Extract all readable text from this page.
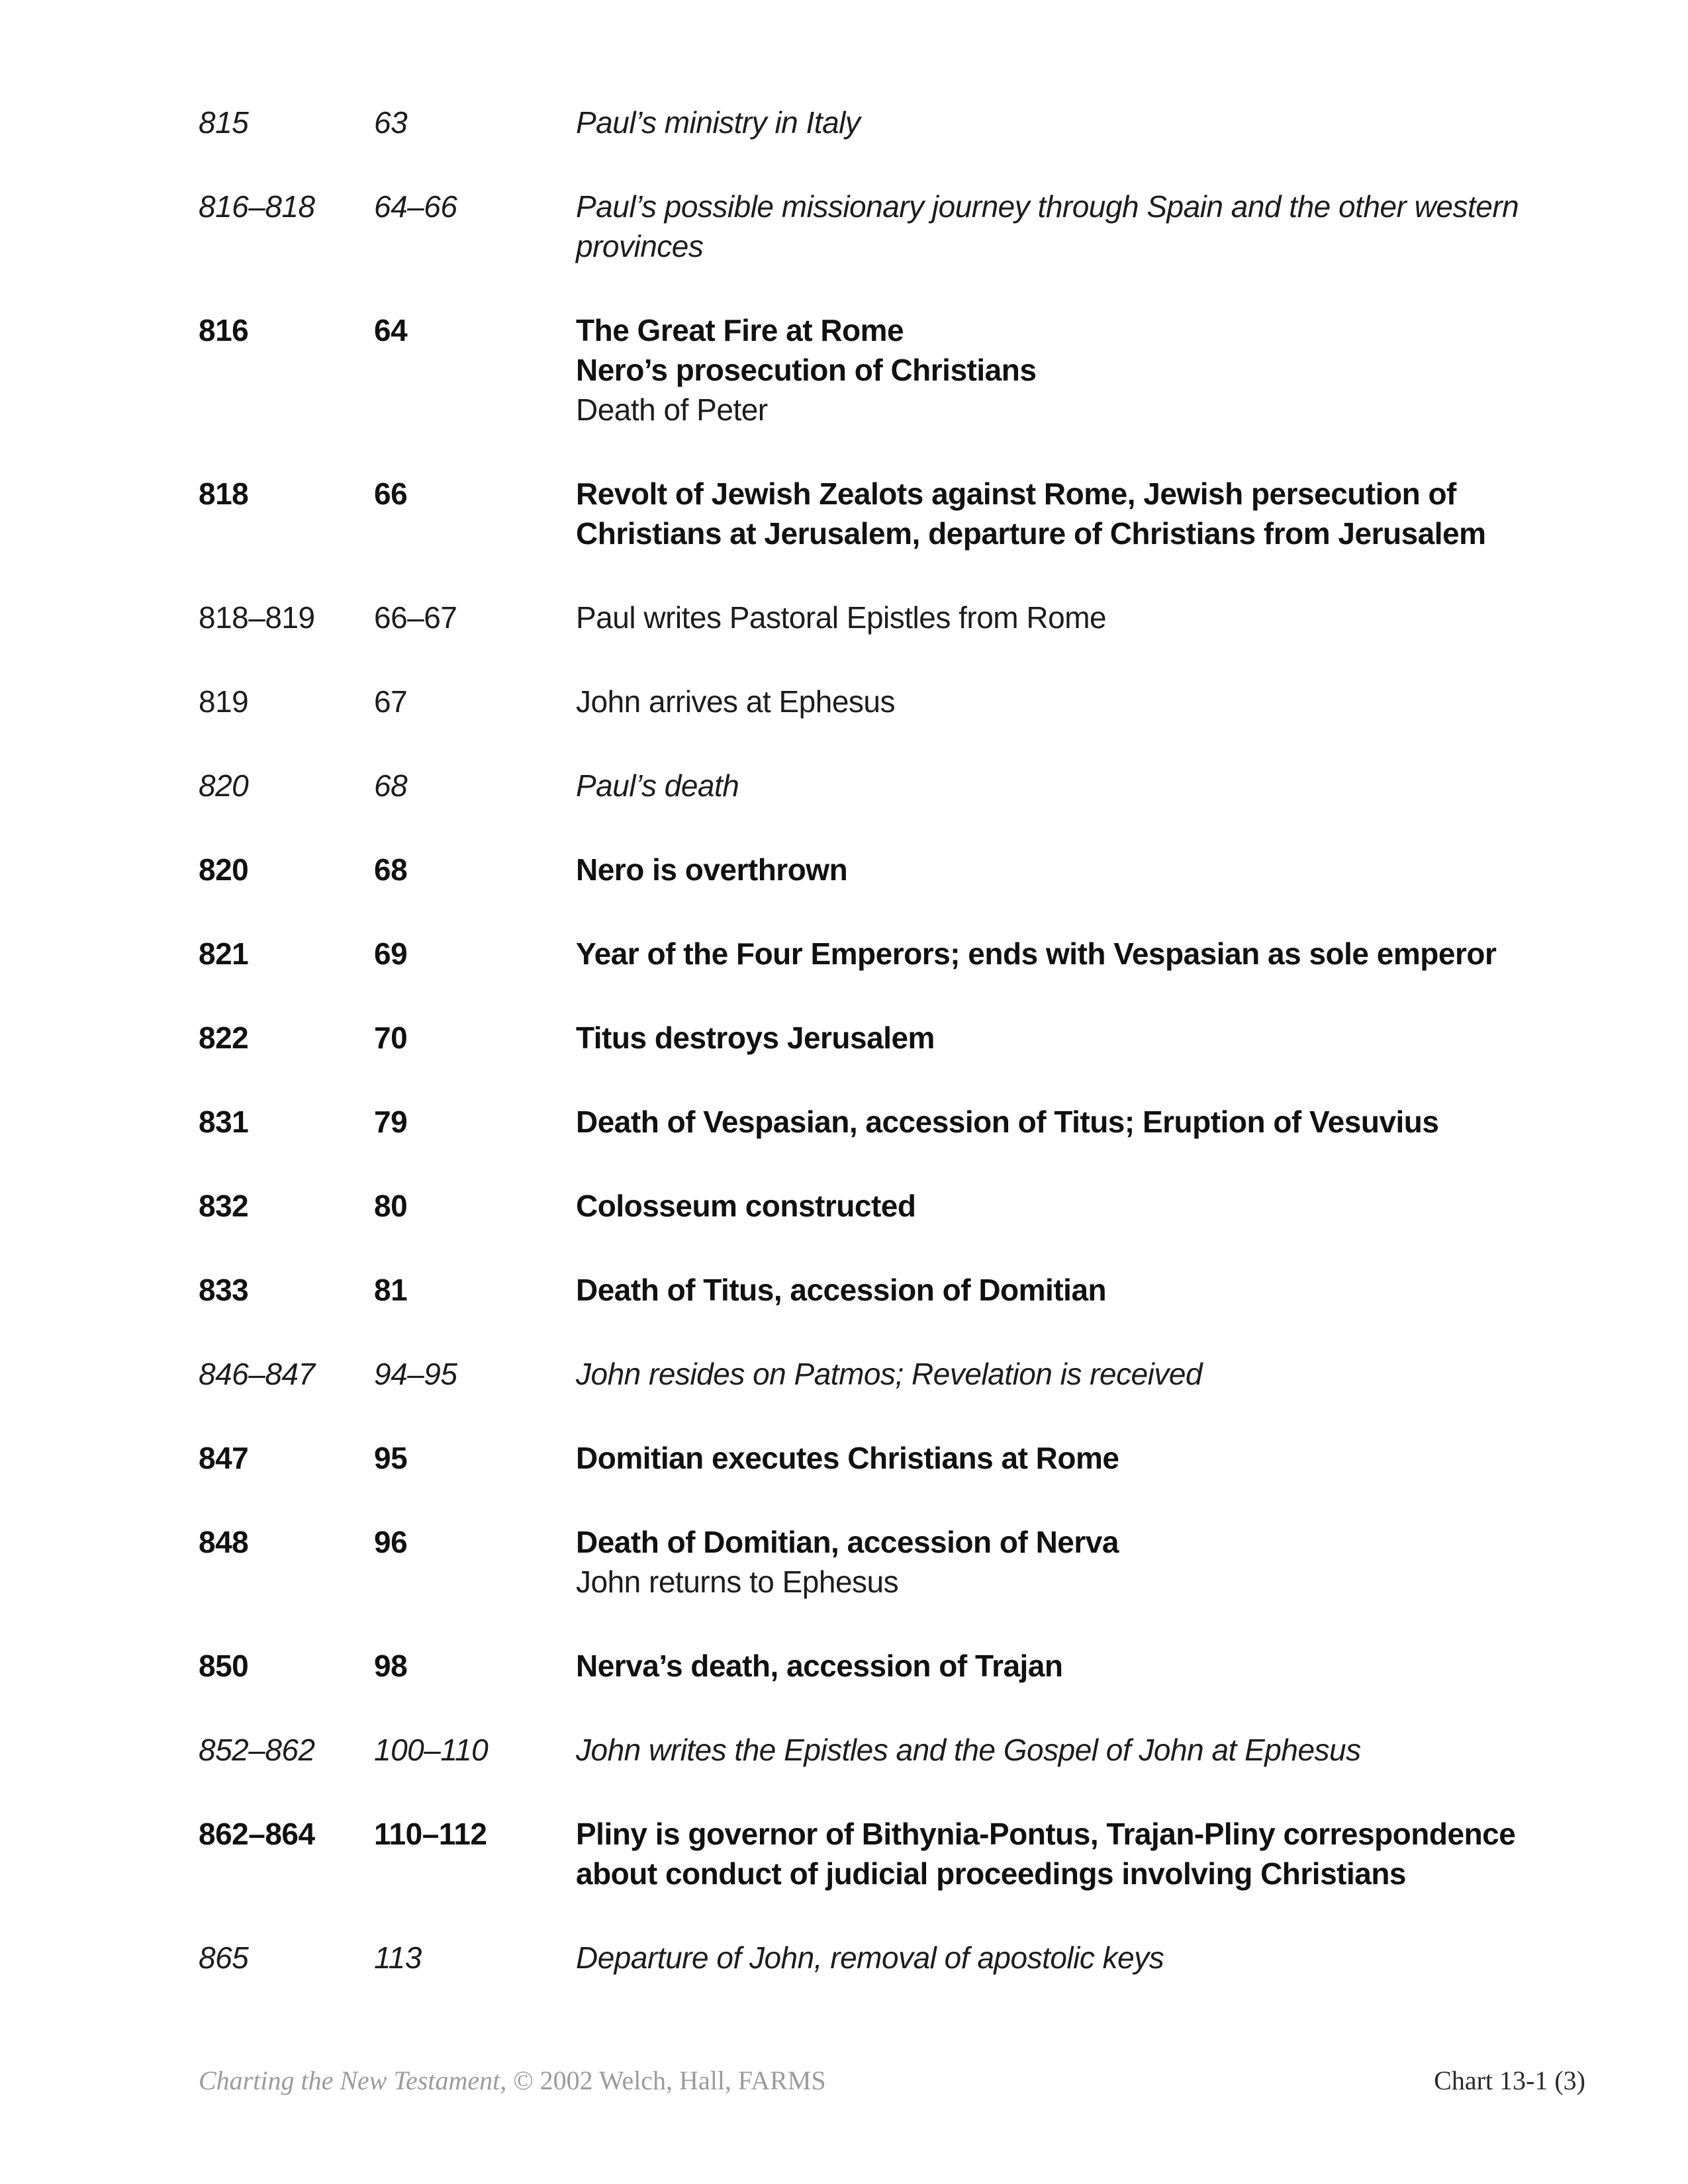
815	63	Paul’s ministry in Italy
816–818	64–66	Paul’s possible missionary journey through Spain and the other western
provinces
816	64	The Great Fire at Rome
Nero’s prosecution of Christians
Death of Peter
818	66	Revolt of Jewish Zealots against Rome, Jewish persecution of
Christians at Jerusalem, departure of Christians from Jerusalem
818–819	66–67	Paul writes Pastoral Epistles from Rome
819	67	John arrives at Ephesus
820	68	Paul’s death
820	68	Nero is overthrown
821	69	Year of the Four Emperors; ends with Vespasian as sole emperor
822	70	Titus destroys Jerusalem
831	79	Death of Vespasian, accession of Titus; Eruption of Vesuvius
832	80	Colosseum constructed
833	81	Death of Titus, accession of Domitian
846–847	94–95	John resides on Patmos; Revelation is received
847	95	Domitian executes Christians at Rome
848	96	Death of Domitian, accession of Nerva
John returns to Ephesus
850	98	Nerva’s death, accession of Trajan
852–862	100–110	John writes the Epistles and the Gospel of John at Ephesus
862–864	110–112	Pliny is governor of Bithynia-Pontus, Trajan-Pliny correspondence
about conduct of judicial proceedings involving Christians
865	113	Departure of John, removal of apostolic keys
Charting the New Testament, © 2002 Welch, Hall, FARMS	Chart 13-1 (3)
